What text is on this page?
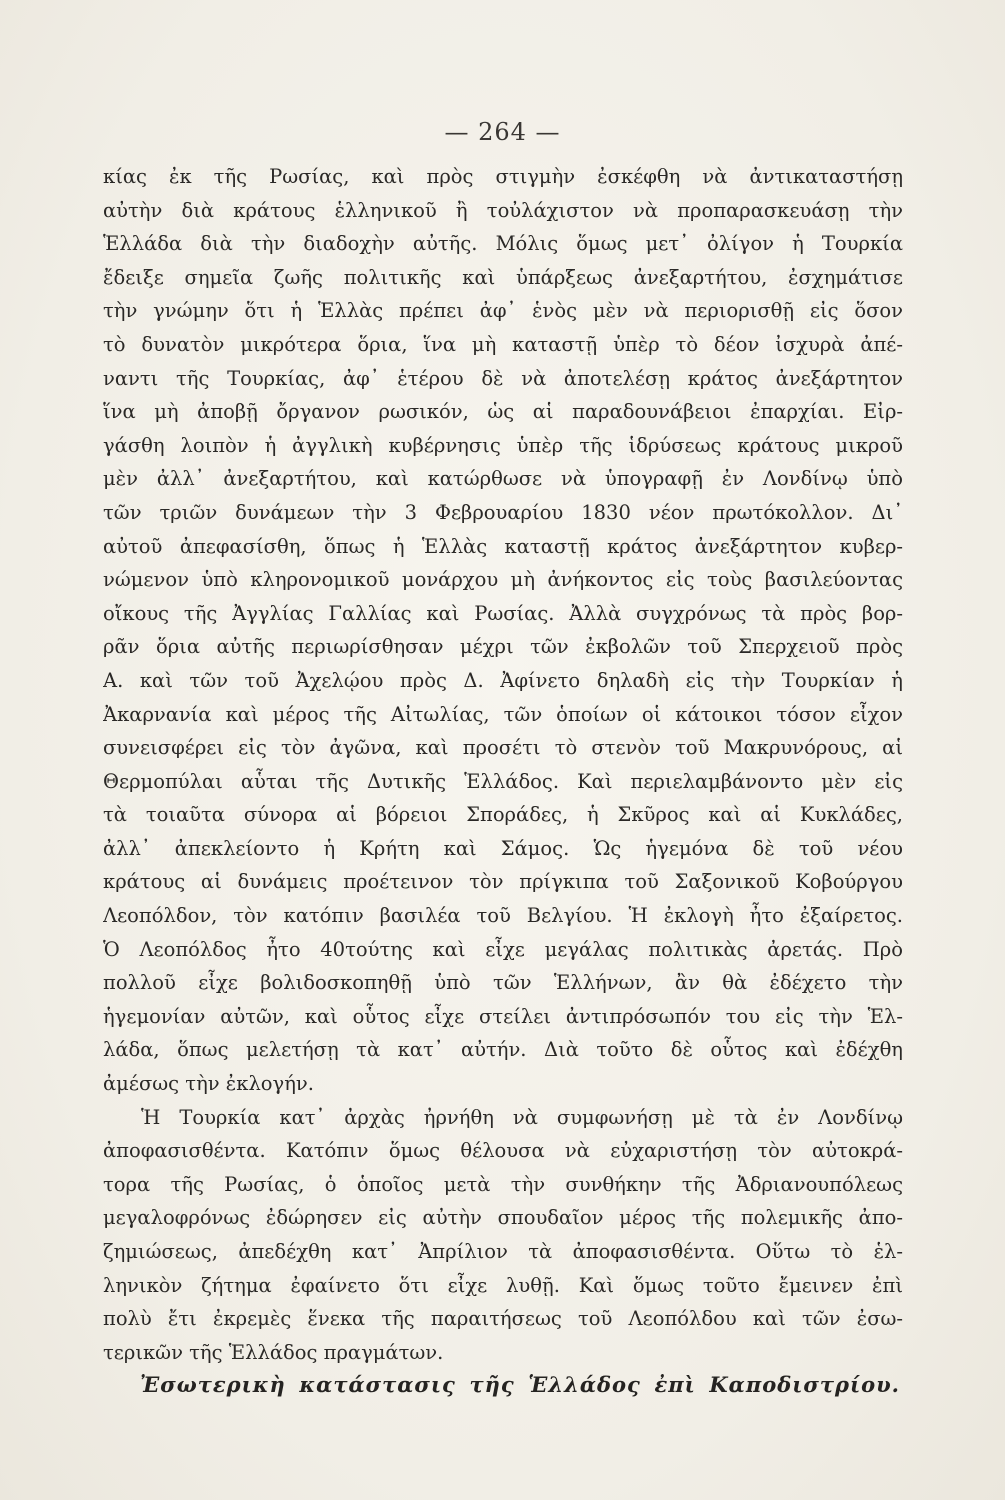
— 264 —
κίας ἐκ τῆς Ρωσίας, καὶ πρὸς στιγμὴν ἐσκέφθη νὰ ἀντικαταστήσῃ
αὐτὴν διὰ κράτους ἑλληνικοῦ ἢ τοὐλάχιστον νὰ προπαρασκευάσῃ τὴν
Ἑλλάδα διὰ τὴν διαδοχὴν αὐτῆς. Μόλις ὅμως μετ᾽ ὀλίγον ἡ Τουρκία
ἔδειξε σημεῖα ζωῆς πολιτικῆς καὶ ὑπάρξεως ἀνεξαρτήτου, ἐσχημάτισε
τὴν γνώμην ὅτι ἡ Ἑλλὰς πρέπει ἀφ᾽ ἑνὸς μὲν νὰ περιορισθῇ εἰς ὅσον
τὸ δυνατὸν μικρότερα ὅρια, ἵνα μὴ καταστῇ ὑπὲρ τὸ δέον ἰσχυρὰ ἀπέ-
ναντι τῆς Τουρκίας, ἀφ᾽ ἑτέρου δὲ νὰ ἀποτελέσῃ κράτος ἀνεξάρτητον
ἵνα μὴ ἀποβῇ ὄργανον ρωσικόν, ὡς αἱ παραδουνάβειοι ἐπαρχίαι. Εἰρ-
γάσθη λοιπὸν ἡ ἀγγλικὴ κυβέρνησις ὑπὲρ τῆς ἱδρύσεως κράτους μικροῦ
μὲν ἀλλ᾽ ἀνεξαρτήτου, καὶ κατώρθωσε νὰ ὑπογραφῇ ἐν Λονδίνῳ ὑπὸ
τῶν τριῶν δυνάμεων τὴν 3 Φεβρουαρίου 1830 νέον πρωτόκολλον. Δι᾽
αὐτοῦ ἀπεφασίσθη, ὅπως ἡ Ἑλλὰς καταστῇ κράτος ἀνεξάρτητον κυβερ-
νώμενον ὑπὸ κληρονομικοῦ μονάρχου μὴ ἀνήκοντος εἰς τοὺς βασιλεύοντας
οἴκους τῆς Ἀγγλίας Γαλλίας καὶ Ρωσίας. Ἀλλὰ συγχρόνως τὰ πρὸς βορ-
ρᾶν ὅρια αὐτῆς περιωρίσθησαν μέχρι τῶν ἐκβολῶν τοῦ Σπερχειοῦ πρὸς
Α. καὶ τῶν τοῦ Ἀχελῴου πρὸς Δ. Ἀφίνετο δηλαδὴ εἰς τὴν Τουρκίαν ἡ
Ἀκαρνανία καὶ μέρος τῆς Αἰτωλίας, τῶν ὁποίων οἱ κάτοικοι τόσον εἶχον
συνεισφέρει εἰς τὸν ἀγῶνα, καὶ προσέτι τὸ στενὸν τοῦ Μακρυνόρους, αἱ
Θερμοπύλαι αὗται τῆς Δυτικῆς Ἑλλάδος. Καὶ περιελαμβάνοντο μὲν εἰς
τὰ τοιαῦτα σύνορα αἱ βόρειοι Σποράδες, ἡ Σκῦρος καὶ αἱ Κυκλάδες,
ἀλλ᾽ ἀπεκλείοντο ἡ Κρήτη καὶ Σάμος. Ὡς ἡγεμόνα δὲ τοῦ νέου
κράτους αἱ δυνάμεις προέτεινον τὸν πρίγκιπα τοῦ Σαξονικοῦ Κοβούργου
Λεοπόλδον, τὸν κατόπιν βασιλέα τοῦ Βελγίου. Ἡ ἐκλογὴ ἦτο ἐξαίρετος.
Ὁ Λεοπόλδος ἦτο 40τούτης καὶ εἶχε μεγάλας πολιτικὰς ἀρετάς. Πρὸ
πολλοῦ εἶχε βολιδοσκοπηθῇ ὑπὸ τῶν Ἑλλήνων, ἂν θὰ ἐδέχετο τὴν
ἡγεμονίαν αὐτῶν, καὶ οὗτος εἶχε στείλει ἀντιπρόσωπόν του εἰς τὴν Ἑλ-
λάδα, ὅπως μελετήσῃ τὰ κατ᾽ αὐτήν. Διὰ τοῦτο δὲ οὗτος καὶ ἐδέχθη
ἀμέσως τὴν ἐκλογήν.
Ἡ Τουρκία κατ᾽ ἀρχὰς ἠρνήθη νὰ συμφωνήσῃ μὲ τὰ ἐν Λονδίνῳ
ἀποφασισθέντα. Κατόπιν ὅμως θέλουσα νὰ εὐχαριστήσῃ τὸν αὐτοκρά-
τορα τῆς Ρωσίας, ὁ ὁποῖος μετὰ τὴν συνθήκην τῆς Ἀδριανουπόλεως
μεγαλοφρόνως ἐδώρησεν εἰς αὐτὴν σπουδαῖον μέρος τῆς πολεμικῆς ἀπο-
ζημιώσεως, ἀπεδέχθη κατ᾽ Ἀπρίλιον τὰ ἀποφασισθέντα. Οὕτω τὸ ἑλ-
ληνικὸν ζήτημα ἐφαίνετο ὅτι εἶχε λυθῇ. Καὶ ὅμως τοῦτο ἔμεινεν ἐπὶ
πολὺ ἔτι ἐκρεμὲς ἕνεκα τῆς παραιτήσεως τοῦ Λεοπόλδου καὶ τῶν ἐσω-
τερικῶν τῆς Ἑλλάδος πραγμάτων.
Ἐσωτερικὴ κατάστασις τῆς Ἑλλάδος ἐπὶ Καποδιστρίου.
